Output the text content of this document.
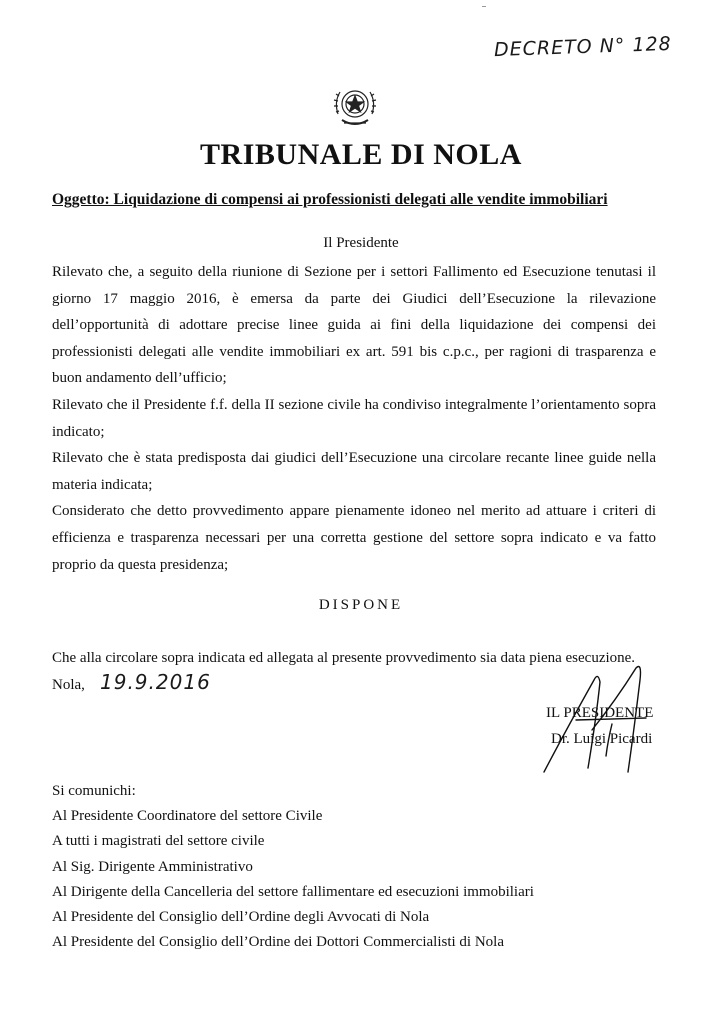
DECRETO N° 128
TRIBUNALE DI NOLA
Oggetto: Liquidazione di compensi ai professionisti delegati alle vendite immobiliari
Il Presidente

Rilevato che, a seguito della riunione di Sezione per i settori Fallimento ed Esecuzione tenutasi il giorno 17 maggio 2016, è emersa da parte dei Giudici dell’Esecuzione la rilevazione dell’opportunità di adottare precise linee guida ai fini della liquidazione dei compensi dei professionisti delegati alle vendite immobiliari ex art. 591 bis c.p.c., per ragioni di trasparenza e buon andamento dell’ufficio;

Rilevato che il Presidente f.f. della II sezione civile ha condiviso integralmente l’orientamento sopra indicato;

Rilevato che è stata predisposta dai giudici dell’Esecuzione una circolare recante linee guide nella materia indicata;

Considerato che detto provvedimento appare pienamente idoneo nel merito ad attuare i criteri di efficienza e trasparenza necessari per una corretta gestione del settore sopra indicato e va fatto proprio da questa presidenza;

DISPONE
Che alla circolare sopra indicata ed allegata al presente provvedimento sia data piena esecuzione.
Nola, 19.9.2016
IL PRESIDENTE
Dr. Luigi Picardi
Si comunichi:
Al Presidente Coordinatore del settore Civile
A tutti i magistrati del settore civile
Al Sig. Dirigente Amministrativo
Al Dirigente della Cancelleria del settore fallimentare ed esecuzioni immobiliari
Al Presidente del Consiglio dell’Ordine degli Avvocati di Nola
Al Presidente del Consiglio dell’Ordine dei Dottori Commercialisti di Nola
